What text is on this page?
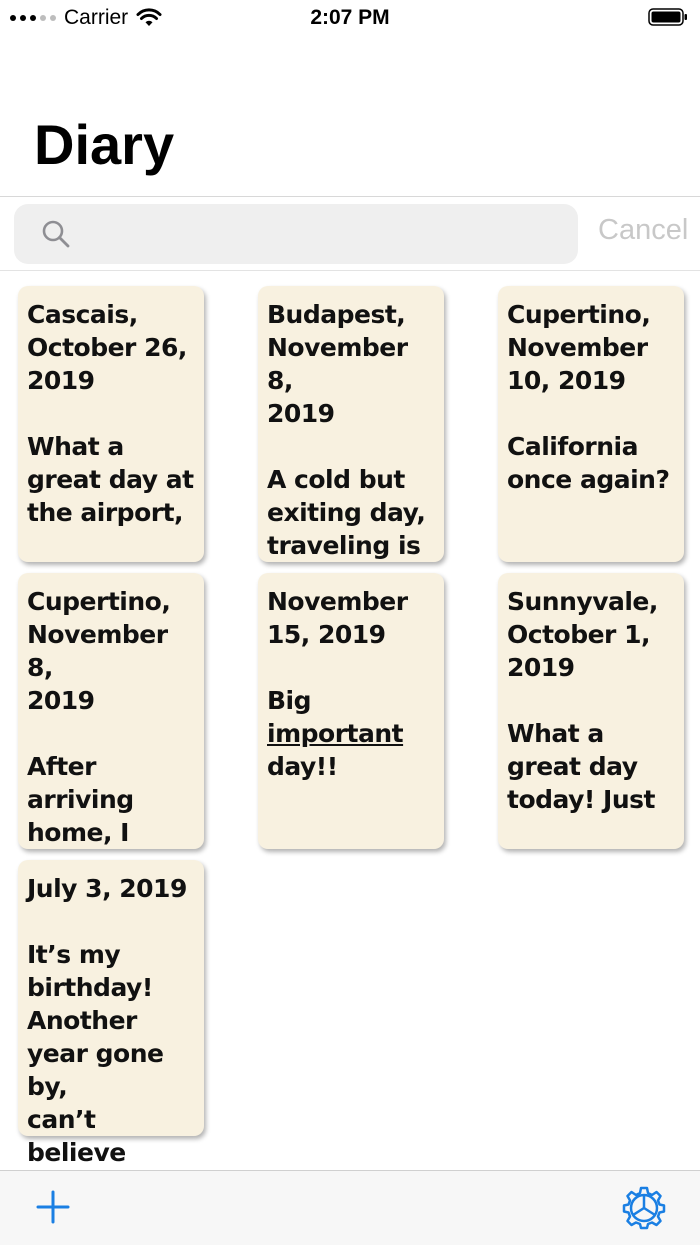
Carrier	2:07 PM
Diary
Cancel
Cascais,
October 26,
2019

What a
great day at
the airport,
Budapest,
November 8,
2019

A cold but
exiting day,
traveling is
Cupertino,
November
10, 2019

California
once again?
Cupertino,
November 8,
2019

After
arriving
home, I
November
15, 2019

Big
important
day!!
Sunnyvale,
October 1,
2019

What a
great day
today! Just
July 3, 2019

It’s my
birthday!
Another
year gone by,
can’t believe
